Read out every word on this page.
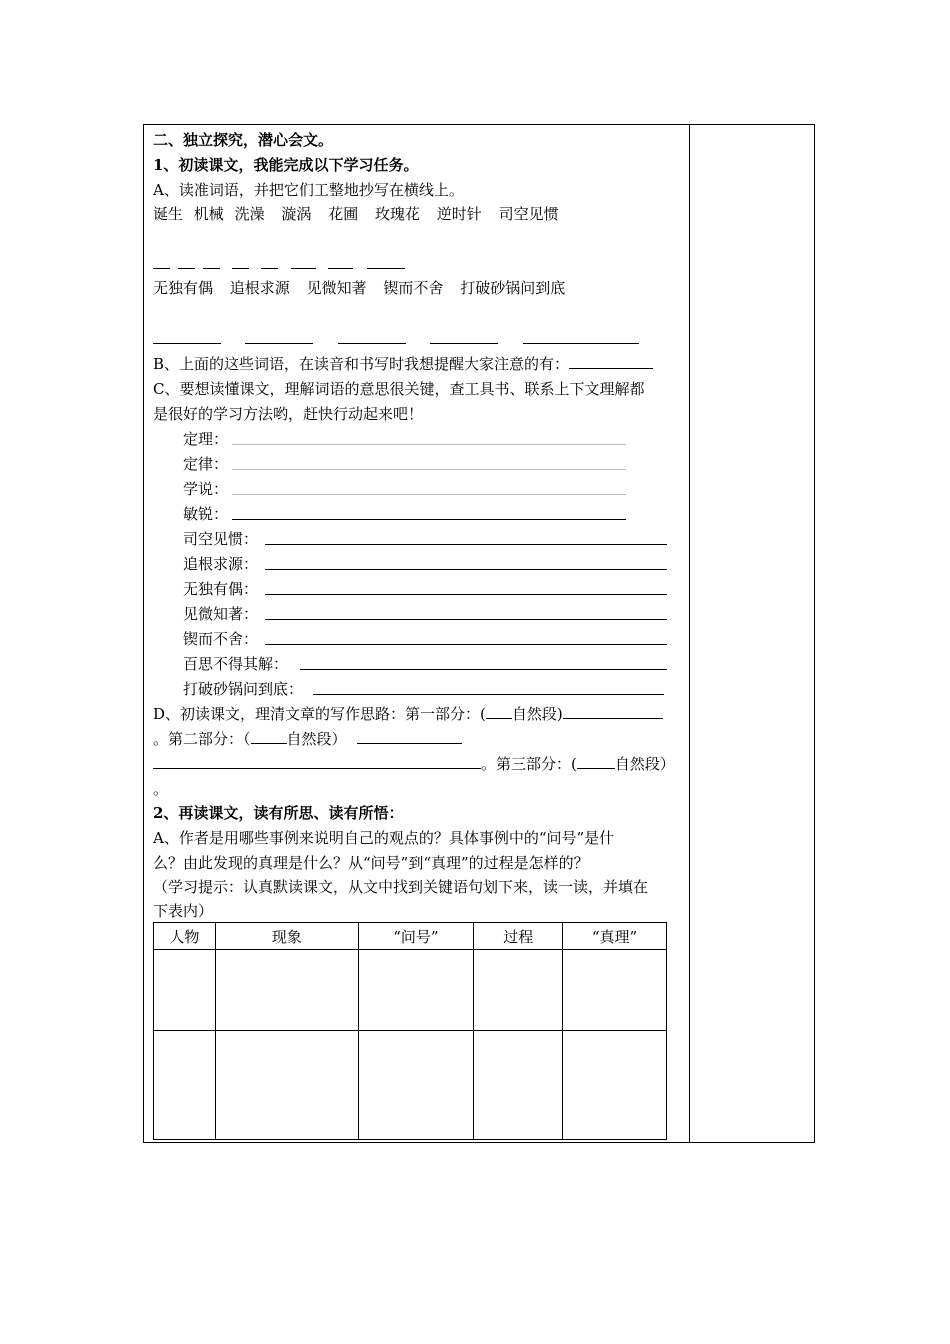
二、独立探究，潜心会文。
1、初读课文，我能完成以下学习任务。
A、读准词语，并把它们工整地抄写在横线上。
诞生 机械 洗澡 漩涡 花圃 玫瑰花 逆时针 司空见惯
无独有偶 追根求源 见微知著 锲而不舍 打破砂锅问到底
B、上面的这些词语，在读音和书写时我想提醒大家注意的有：
C、要想读懂课文，理解词语的意思很关键，查工具书、联系上下文理解都
是很好的学习方法哟，赶快行动起来吧！
定理：
定律：
学说：
敏锐：
司空见惯：
追根求源：
无独有偶：
见微知著：
锲而不舍：
百思不得其解：
打破砂锅问到底：
D、初读课文，理清文章的写作思路：第一部分：( 自然段)
。第二部分：（ 自然段）
。第三部分：(	自然段）
。
2、再读课文，读有所思、读有所悟：
A、作者是用哪些事例来说明自己的观点的？具体事例中的“问号”是什
么？由此发现的真理是什么？从“问号”到“真理”的过程是怎样的？
（学习提示：认真默读课文，从文中找到关键语句划下来，读一读，并填在
下表内）
人物	现象	“问号”	过程	“真理”
